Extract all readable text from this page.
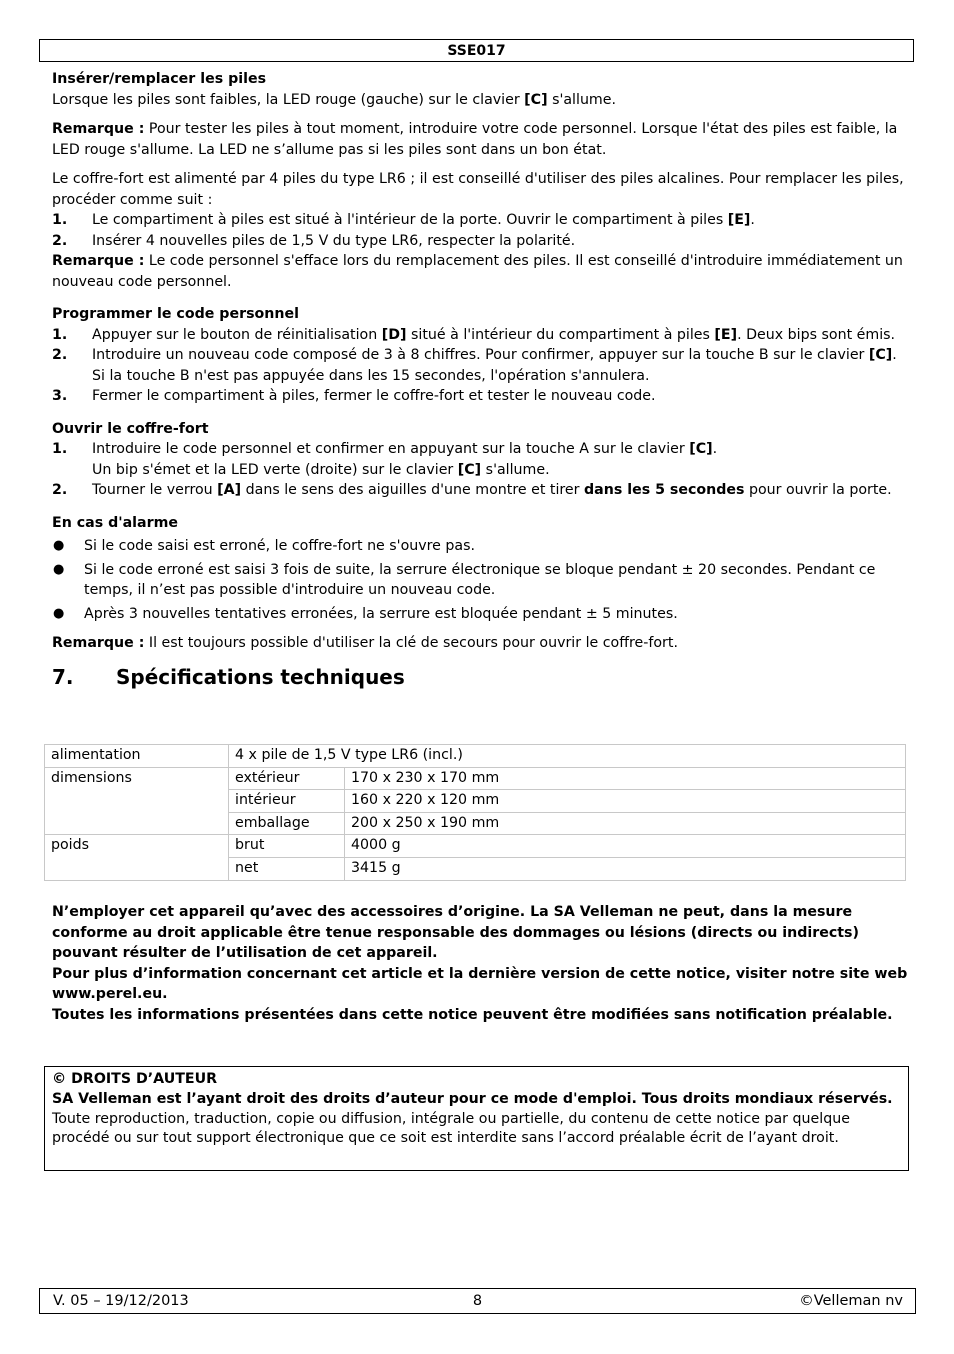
SSE017
Insérer/remplacer les piles

Lorsque les piles sont faibles, la LED rouge (gauche) sur le clavier [C] s'allume.

Remarque : Pour tester les piles à tout moment, introduire votre code personnel. Lorsque l'état des piles est faible, la LED rouge s'allume. La LED ne s’allume pas si les piles sont dans un bon état.

Le coffre-fort est alimenté par 4 piles du type LR6 ; il est conseillé d'utiliser des piles alcalines. Pour remplacer les piles, procéder comme suit :

1. Le compartiment à piles est situé à l'intérieur de la porte. Ouvrir le compartiment à piles [E].
2. Insérer 4 nouvelles piles de 1,5 V du type LR6, respecter la polarité.

Remarque : Le code personnel s'efface lors du remplacement des piles. Il est conseillé d'introduire immédiatement un nouveau code personnel.

Programmer le code personnel
1. Appuyer sur le bouton de réinitialisation [D] situé à l'intérieur du compartiment à piles [E]. Deux bips sont émis.
2. Introduire un nouveau code composé de 3 à 8 chiffres. Pour confirmer, appuyer sur la touche B sur le clavier [C]. Si la touche B n'est pas appuyée dans les 15 secondes, l'opération s'annulera.
3. Fermer le compartiment à piles, fermer le coffre-fort et tester le nouveau code.
Ouvrir le coffre-fort
1. Introduire le code personnel et confirmer en appuyant sur la touche A sur le clavier [C].
Un bip s'émet et la LED verte (droite) sur le clavier [C] s'allume.
2. Tourner le verrou [A] dans le sens des aiguilles d'une montre et tirer dans les 5 secondes pour ouvrir la porte.
En cas d'alarme
● Si le code saisi est erroné, le coffre-fort ne s'ouvre pas.
● Si le code erroné est saisi 3 fois de suite, la serrure électronique se bloque pendant ± 20 secondes. Pendant ce temps, il n’est pas possible d'introduire un nouveau code.
● Après 3 nouvelles tentatives erronées, la serrure est bloquée pendant ± 5 minutes.

Remarque : Il est toujours possible d'utiliser la clé de secours pour ouvrir le coffre-fort.

7. Spécifications techniques
alimentation	4 x pile de 1,5 V type LR6 (incl.)	
dimensions	extérieur	170 x 230 x 170 mm
	intérieur	160 x 220 x 120 mm
	emballage	200 x 250 x 190 mm
poids	brut	4000 g
	net	3415 g

N’employer cet appareil qu’avec des accessoires d’origine. La SA Velleman ne peut, dans la mesure conforme au droit applicable être tenue responsable des dommages ou lésions (directs ou indirects) pouvant résulter de l’utilisation de cet appareil.

Pour plus d’information concernant cet article et la dernière version de cette notice, visiter notre site web www.perel.eu.

Toutes les informations présentées dans cette notice peuvent être modifiées sans notification préalable.

© DROITS D’AUTEUR
SA Velleman est l’ayant droit des droits d’auteur pour ce mode d'emploi. Tous droits mondiaux réservés. Toute reproduction, traduction, copie ou diffusion, intégrale ou partielle, du contenu de cette notice par quelque procédé ou sur tout support électronique que ce soit est interdite sans l’accord préalable écrit de l’ayant droit.
V. 05 – 19/12/2013	8	©Velleman nv
